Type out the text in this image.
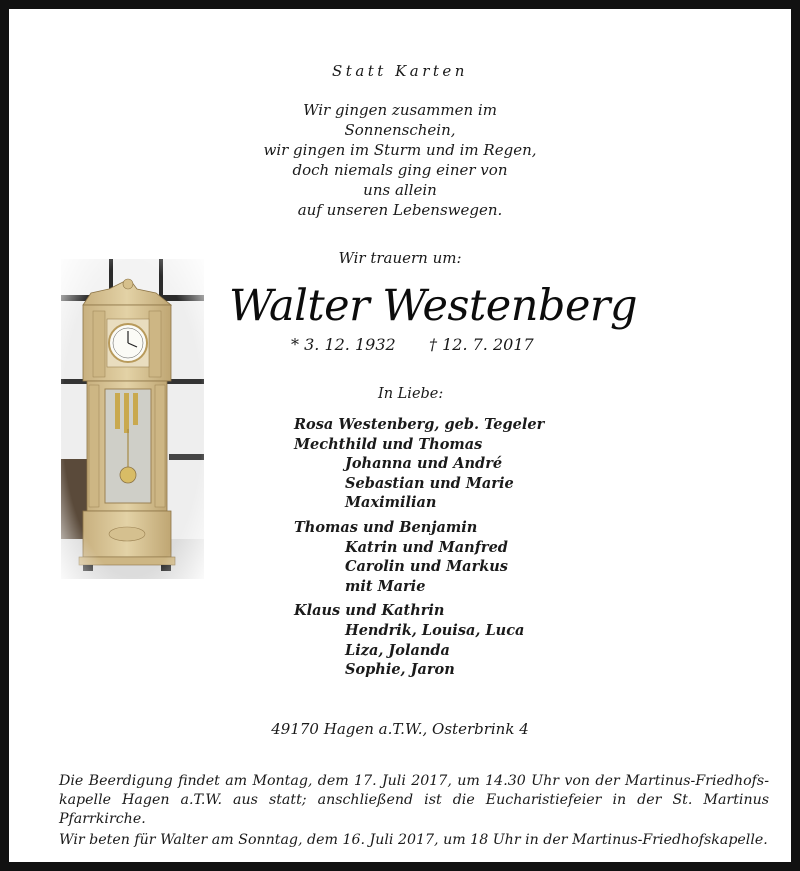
Statt Karten
Wir gingen zusammen im
Sonnenschein,
wir gingen im Sturm und im Regen,
doch niemals ging einer von
uns allein
auf unseren Lebenswegen.
Wir trauern um:
Walter Westenberg
* 3. 12. 1932 † 12. 7. 2017
In Liebe:
Rosa Westenberg, geb. Tegeler
Mechthild und Thomas
Johanna und André
Sebastian und Marie
Maximilian
Thomas und Benjamin
Katrin und Manfred
Carolin und Markus
mit Marie
Klaus und Kathrin
Hendrik, Louisa, Luca
Liza, Jolanda
Sophie, Jaron
49170 Hagen a.T.W., Osterbrink 4
Die Beerdigung findet am Montag, dem 17. Juli 2017, um 14.30 Uhr von der Martinus-Friedhofs-kapelle Hagen a.T.W. aus statt; anschließend ist die Eucharistiefeier in der St. Martinus Pfarrkirche.
Wir beten für Walter am Sonntag, dem 16. Juli 2017, um 18 Uhr in der Martinus-Friedhofskapelle.
